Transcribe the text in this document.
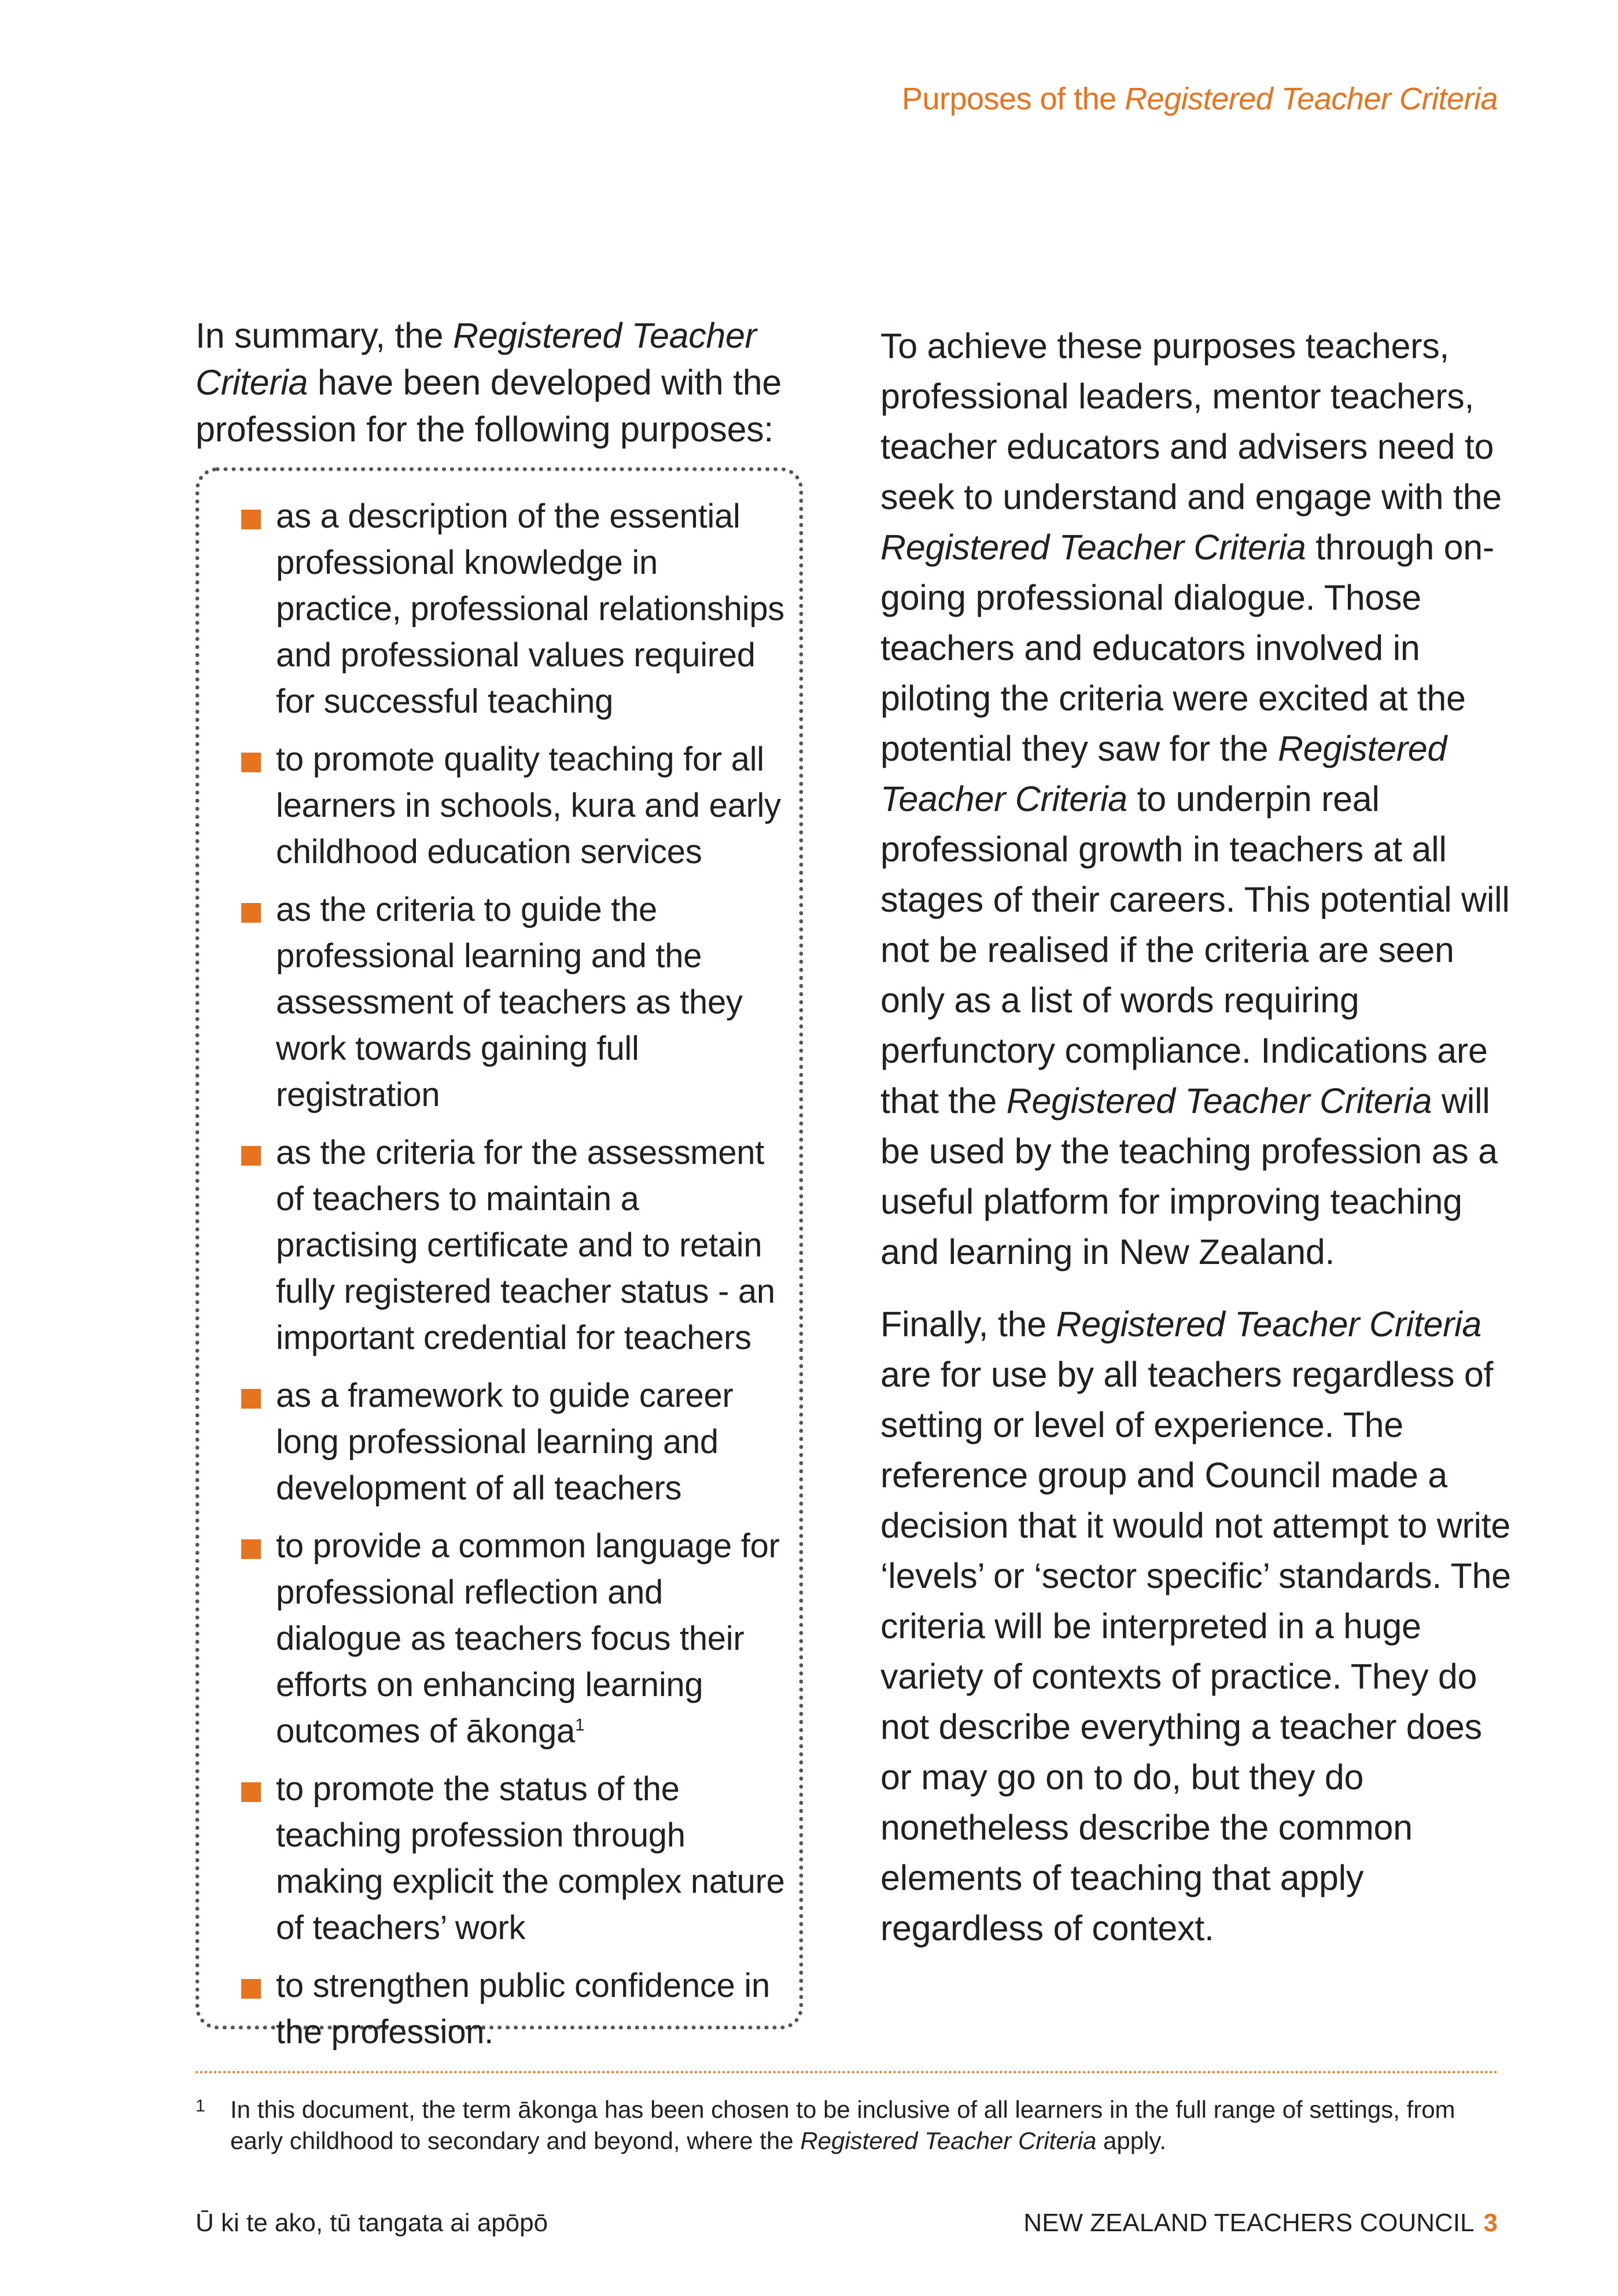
Purposes of the Registered Teacher Criteria

In summary, the Registered Teacher Criteria have been developed with the profession for the following purposes:

as a description of the essential professional knowledge in practice, professional relationships and professional values required for successful teaching
to promote quality teaching for all learners in schools, kura and early childhood education services
as the criteria to guide the professional learning and the assessment of teachers as they work towards gaining full registration
as the criteria for the assessment of teachers to maintain a practising certificate and to retain fully registered teacher status - an important credential for teachers
as a framework to guide career long professional learning and development of all teachers
to provide a common language for professional reflection and dialogue as teachers focus their efforts on enhancing learning outcomes of ākonga$^1$
to promote the status of the teaching profession through making explicit the complex nature of teachers’ work
to strengthen public confidence in the profession.

To achieve these purposes teachers, professional leaders, mentor teachers, teacher educators and advisers need to seek to understand and engage with the Registered Teacher Criteria through on-going professional dialogue. Those teachers and educators involved in piloting the criteria were excited at the potential they saw for the Registered Teacher Criteria to underpin real professional growth in teachers at all stages of their careers. This potential will not be realised if the criteria are seen only as a list of words requiring perfunctory compliance. Indications are that the Registered Teacher Criteria will be used by the teaching profession as a useful platform for improving teaching and learning in New Zealand.

Finally, the Registered Teacher Criteria are for use by all teachers regardless of setting or level of experience. The reference group and Council made a decision that it would not attempt to write ‘levels’ or ‘sector specific’ standards. The criteria will be interpreted in a huge variety of contexts of practice. They do not describe everything a teacher does or may go on to do, but they do nonetheless describe the common elements of teaching that apply regardless of context.

1 In this document, the term ākonga has been chosen to be inclusive of all learners in the full range of settings, from early childhood to secondary and beyond, where the Registered Teacher Criteria apply.
Ū ki te ako, tū tangata ai apōpō	NEW ZEALAND TEACHERS COUNCIL 3
